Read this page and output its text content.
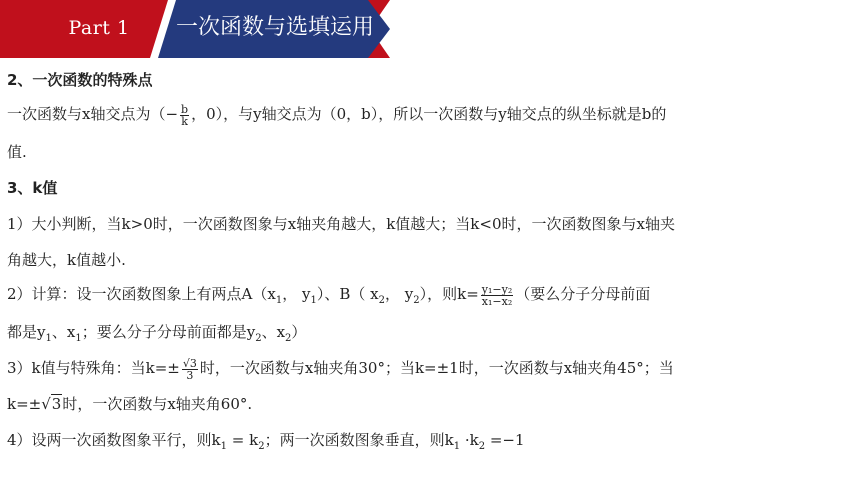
Part 1	一次函数与选填运用
2、一次函数的特殊点
一次函数与x轴交点为（− $\frac{b}{k}$ ，0），与y轴交点为（0，b），所以一次函数与y轴交点的纵坐标就是b的
值.
3、k值
1）大小判断，当k>0时，一次函数图象与x轴夹角越大，k值越大；当k<0时，一次函数图象与x轴夹
角越大，k值越小.
2）计算：设一次函数图象上有两点$A(x_1$， $y_1$）、B（ $x_2$， $y_2$），则$k= \frac{\text{y₁−y₂}}{\text{x₁−x₂}}$ （要么分子分母前面
都是$y_1$、$x_1$；要么分子分母前面都是$y_2$、$x_2$）
3）k值与特殊角：当$k=\pm \frac{√3}{3}$ 时，一次函数与x轴夹角30°；当k=±1时，一次函数与x轴夹角45°；当
k=±√3时，一次函数与x轴夹角60°.
4）设两一次函数图象平行，则$k_1 = k_2$；两一次函数图象垂直，则$k_1 \cdot k_2 =-1$
